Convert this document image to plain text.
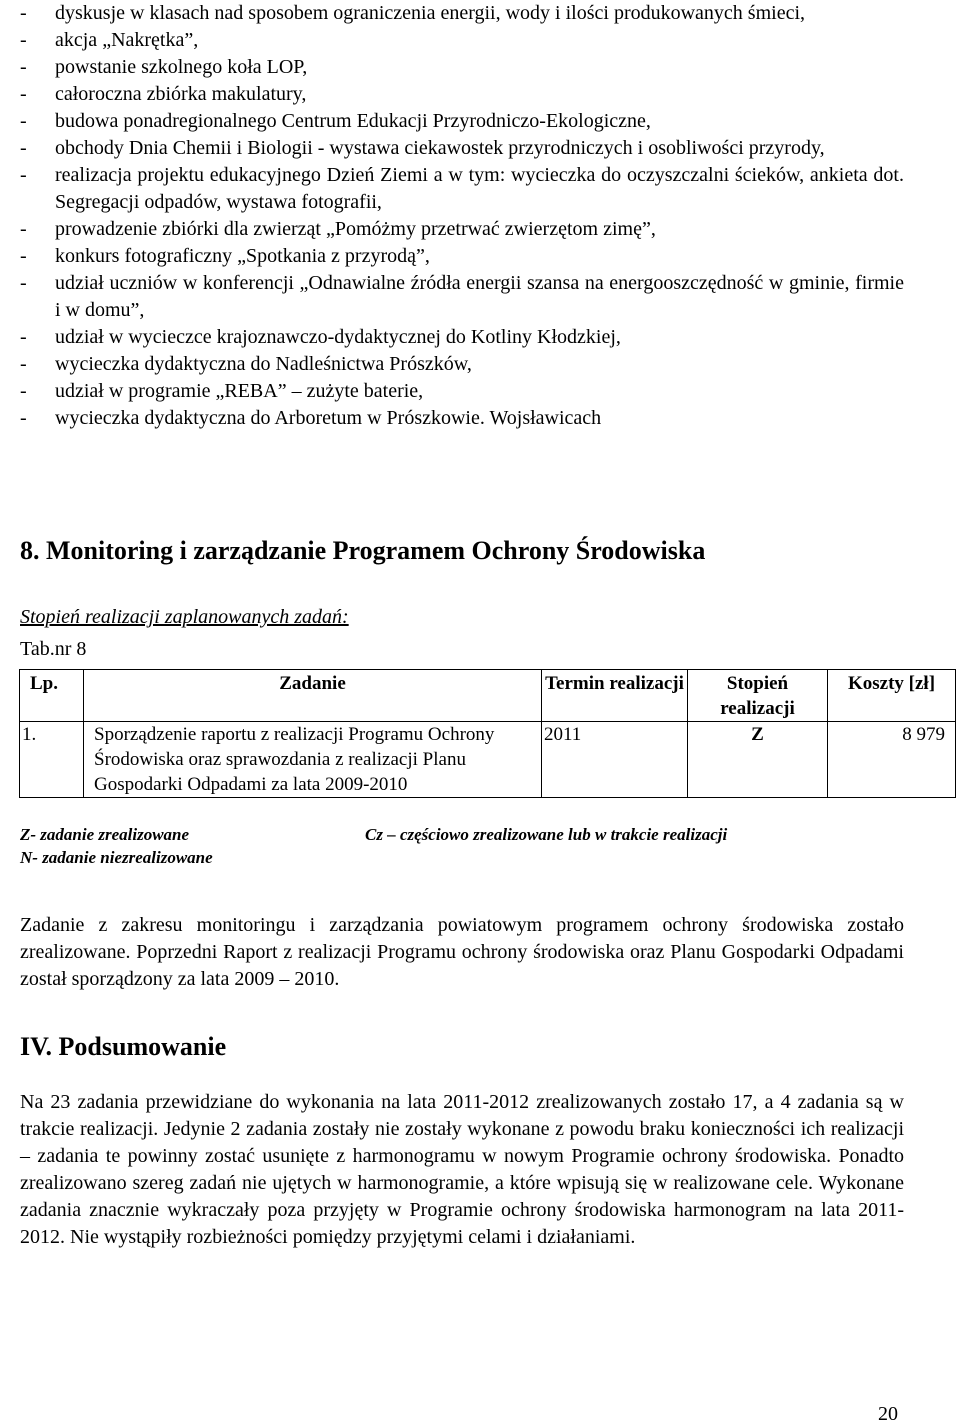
- dyskusje w klasach nad sposobem ograniczenia energii, wody i ilości produkowanych śmieci,
- akcja „Nakrętka”,
- powstanie szkolnego koła LOP,
- całoroczna zbiórka makulatury,
- budowa ponadregionalnego Centrum Edukacji Przyrodniczo-Ekologiczne,
- obchody Dnia Chemii i Biologii - wystawa ciekawostek przyrodniczych i osobliwości przyrody,
- realizacja projektu edukacyjnego Dzień Ziemi a w tym: wycieczka do oczyszczalni ścieków, ankieta dot. Segregacji odpadów, wystawa fotografii,
- prowadzenie zbiórki dla zwierząt „Pomóżmy przetrwać zwierzętom zimę”,
- konkurs fotograficzny „Spotkania z przyrodą”,
- udział uczniów w konferencji „Odnawialne źródła energii szansa na energooszczędność w gminie, firmie i w domu”,
- udział w wycieczce krajoznawczo-dydaktycznej do Kotliny Kłodzkiej,
- wycieczka dydaktyczna do Nadleśnictwa Prószków,
- udział w programie „REBA” – zużyte baterie,
- wycieczka dydaktyczna do Arboretum w Prószkowie. Wojsławicach
8. Monitoring i zarządzanie Programem Ochrony Środowiska
Stopień realizacji zaplanowanych zadań:
Tab.nr 8
Lp.	Zadanie	Termin realizacji	Stopień realizacji	Koszty [zł]
1.	Sporządzenie raportu z realizacji Programu Ochrony Środowiska oraz sprawozdania z realizacji Planu Gospodarki Odpadami za lata 2009-2010	2011	Z	8 979
Z- zadanie zrealizowane	Cz – częściowo zrealizowane lub w trakcie realizacji
N- zadanie niezrealizowane

Zadanie z zakresu monitoringu i zarządzania powiatowym programem ochrony środowiska zostało zrealizowane. Poprzedni Raport z realizacji Programu ochrony środowiska oraz Planu Gospodarki Odpadami został sporządzony za lata 2009 – 2010.

IV. Podsumowanie

Na 23 zadania przewidziane do wykonania na lata 2011-2012 zrealizowanych zostało 17, a 4 zadania są w trakcie realizacji. Jedynie 2 zadania zostały nie zostały wykonane z powodu braku konieczności ich realizacji – zadania te powinny zostać usunięte z harmonogramu w nowym Programie ochrony środowiska. Ponadto zrealizowano szereg zadań nie ujętych w harmonogramie, a które wpisują się w realizowane cele. Wykonane zadania znacznie wykraczały poza przyjęty w Programie ochrony środowiska harmonogram na lata 2011-2012. Nie wystąpiły rozbieżności pomiędzy przyjętymi celami i działaniami.

20
